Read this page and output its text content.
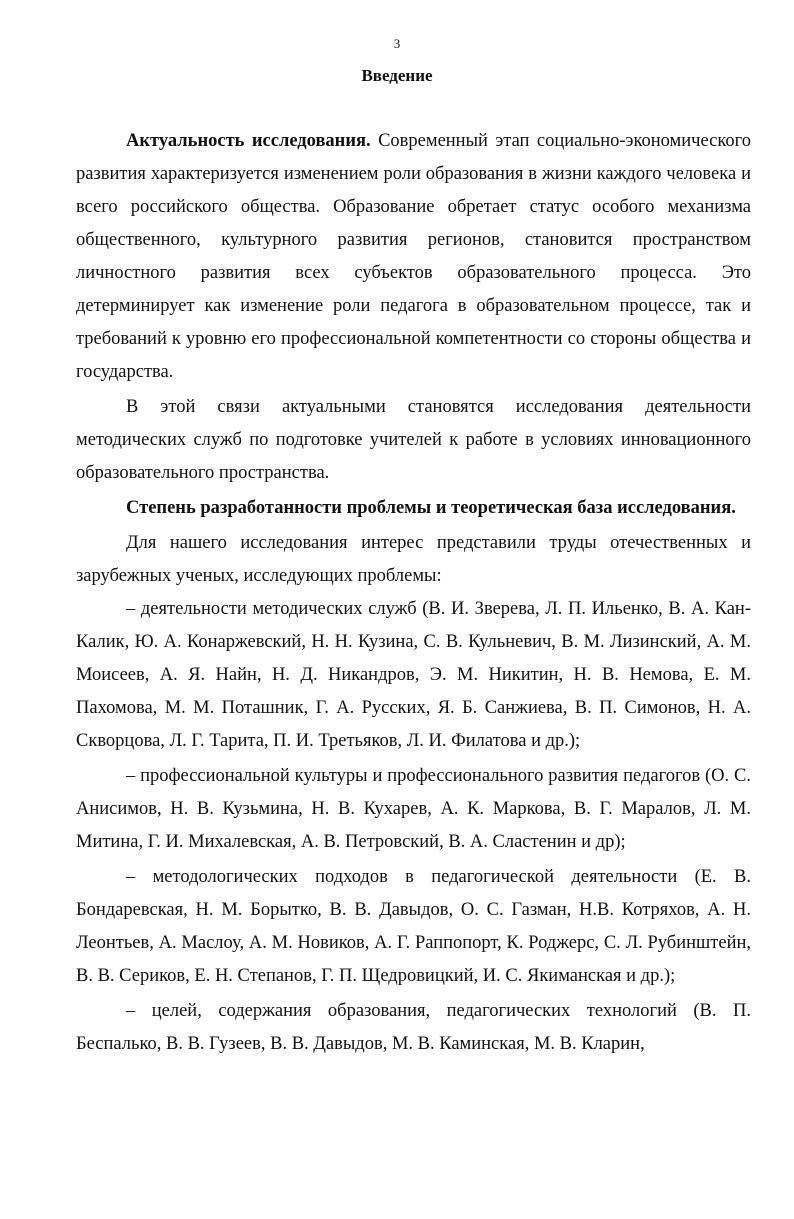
3
Введение

Актуальность исследования. Современный этап социально-экономического развития характеризуется изменением роли образования в жизни каждого человека и всего российского общества. Образование обретает статус особого механизма общественного, культурного развития регионов, становится пространством личностного развития всех субъектов образовательного процесса. Это детерминирует как изменение роли педагога в образовательном процессе, так и требований к уровню его профессиональной компетентности со стороны общества и государства.

В этой связи актуальными становятся исследования деятельности методических служб по подготовке учителей к работе в условиях инновационного образовательного пространства.

Степень разработанности проблемы и теоретическая база исследования.

Для нашего исследования интерес представили труды отечественных и зарубежных ученых, исследующих проблемы:

– деятельности методических служб (В. И. Зверева, Л. П. Ильенко, В. А. Кан-Калик, Ю. А. Конаржевский, Н. Н. Кузина, С. В. Кульневич, В. М. Лизинский, А. М. Моисеев, А. Я. Найн, Н. Д. Никандров, Э. М. Никитин, Н. В. Немова, Е. М. Пахомова, М. М. Поташник, Г. А. Русских, Я. Б. Санжиева, В. П. Симонов, Н. А. Скворцова, Л. Г. Тарита, П. И. Третьяков, Л. И. Филатова и др.);

– профессиональной культуры и профессионального развития педагогов (О. С. Анисимов, Н. В. Кузьмина, Н. В. Кухарев, А. К. Маркова, В. Г. Маралов, Л. М. Митина, Г. И. Михалевская, А. В. Петровский, В. А. Сластенин и др);

– методологических подходов в педагогической деятельности (Е. В. Бондаревская, Н. М. Борытко, В. В. Давыдов, О. С. Газман, Н.В. Котряхов, А. Н. Леонтьев, А. Маслоу, А. М. Новиков, А. Г. Раппопорт, К. Роджерс, С. Л. Рубинштейн, В. В. Сериков, Е. Н. Степанов, Г. П. Щедровицкий, И. С. Якиманская и др.);

– целей, содержания образования, педагогических технологий (В. П. Беспалько, В. В. Гузеев, В. В. Давыдов, М. В. Каминская, М. В. Кларин,
